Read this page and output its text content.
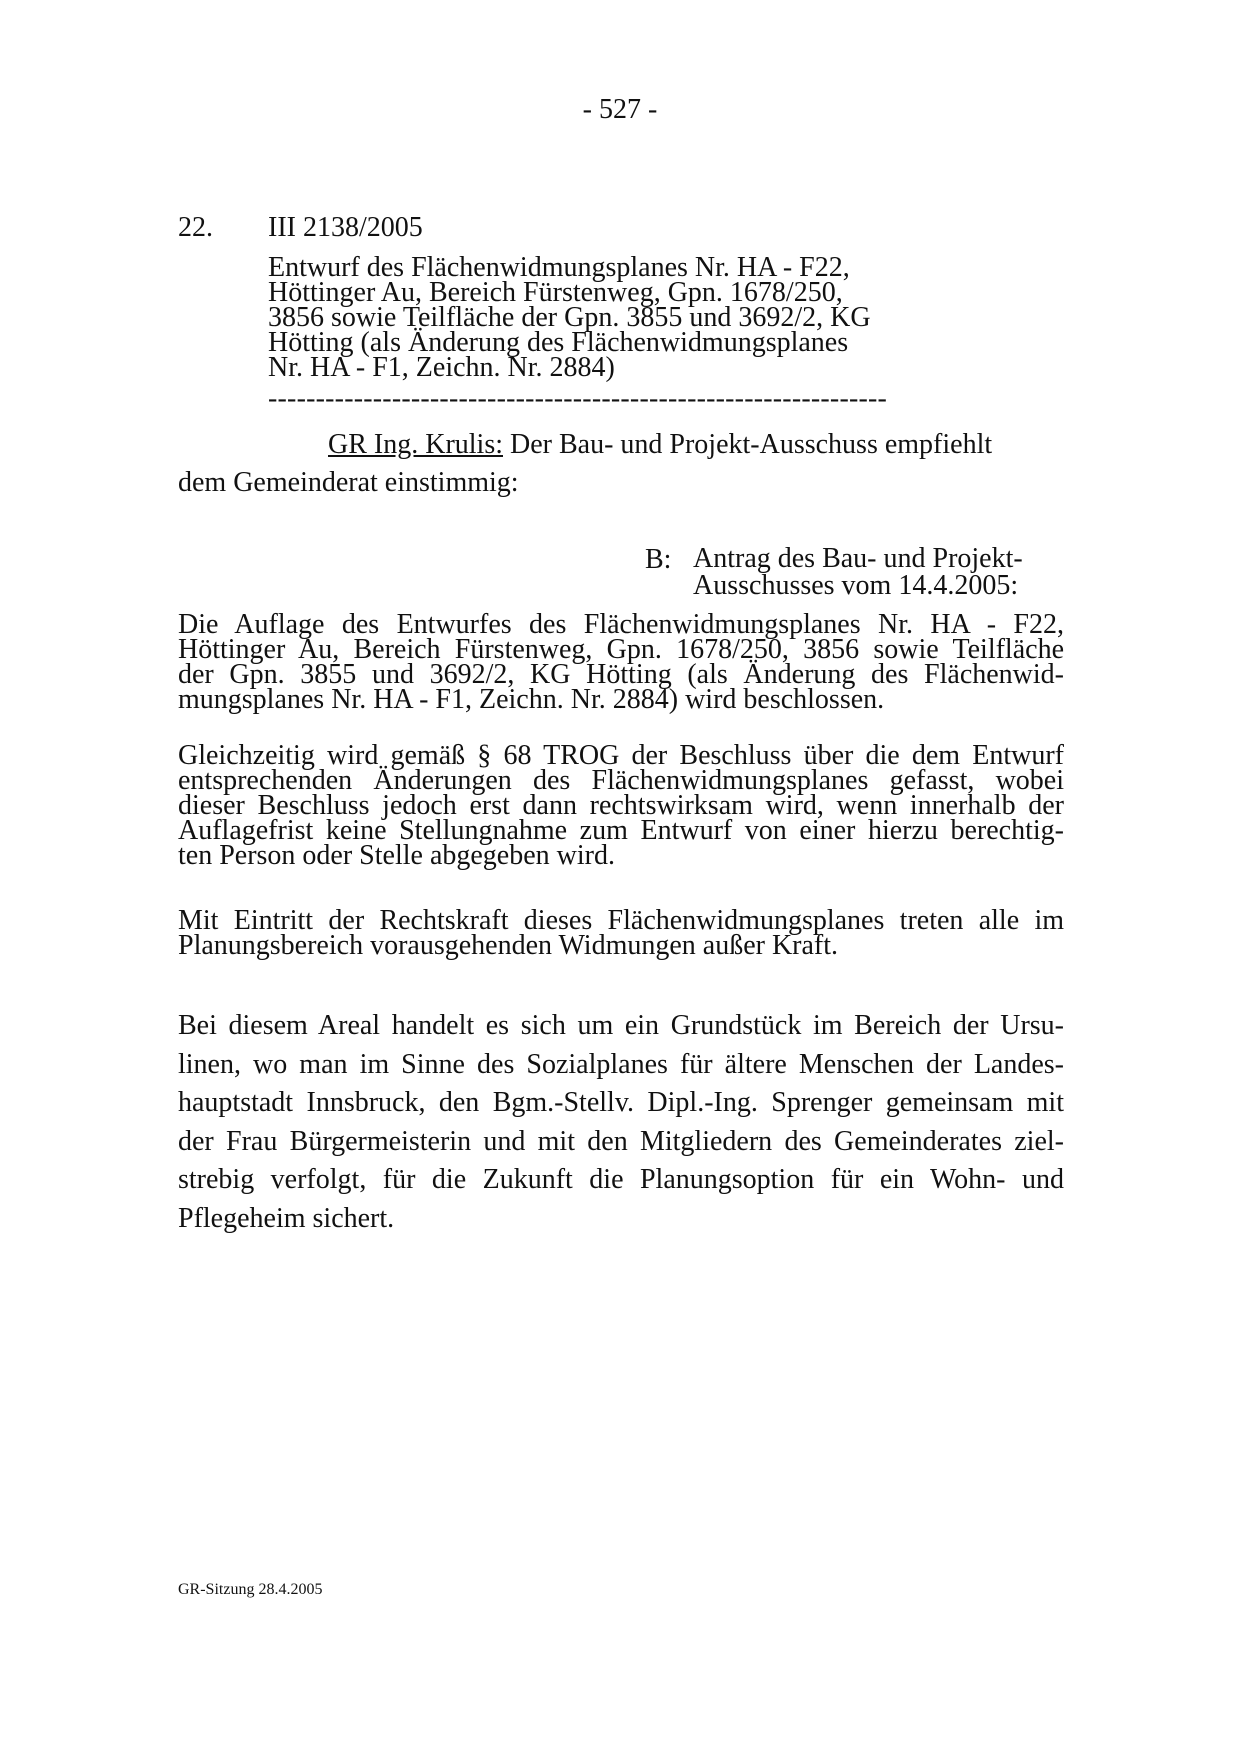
- 527 -
22. III 2138/2005
Entwurf des Flächenwidmungsplanes Nr. HA - F22,
Höttinger Au, Bereich Fürstenweg, Gpn. 1678/250,
3856 sowie Teilfläche der Gpn. 3855 und 3692/2, KG
Hötting (als Änderung des Flächenwidmungsplanes
Nr. HA - F1, Zeichn. Nr. 2884)
-----------------------------------------------------------------
GR Ing. Krulis: Der Bau- und Projekt-Ausschuss empfiehlt
dem Gemeinderat einstimmig:
B: Antrag des Bau- und Projekt-
Ausschusses vom 14.4.2005:
Die Auflage des Entwurfes des Flächenwidmungsplanes Nr. HA - F22,
Höttinger Au, Bereich Fürstenweg, Gpn. 1678/250, 3856 sowie Teilfläche
der Gpn. 3855 und 3692/2, KG Hötting (als Änderung des Flächenwid-
mungsplanes Nr. HA - F1, Zeichn. Nr. 2884) wird beschlossen.
Gleichzeitig wird gemäß § 68 TROG der Beschluss über die dem Entwurf
entsprechenden Änderungen des Flächenwidmungsplanes gefasst, wobei
dieser Beschluss jedoch erst dann rechtswirksam wird, wenn innerhalb der
Auflagefrist keine Stellungnahme zum Entwurf von einer hierzu berechtig-
ten Person oder Stelle abgegeben wird.
Mit Eintritt der Rechtskraft dieses Flächenwidmungsplanes treten alle im
Planungsbereich vorausgehenden Widmungen außer Kraft.
Bei diesem Areal handelt es sich um ein Grundstück im Bereich der Ursu-
linen, wo man im Sinne des Sozialplanes für ältere Menschen der Landes-
hauptstadt Innsbruck, den Bgm.-Stellv. Dipl.-Ing. Sprenger gemeinsam mit
der Frau Bürgermeisterin und mit den Mitgliedern des Gemeinderates ziel-
strebig verfolgt, für die Zukunft die Planungsoption für ein Wohn- und
Pflegeheim sichert.
GR-Sitzung 28.4.2005
